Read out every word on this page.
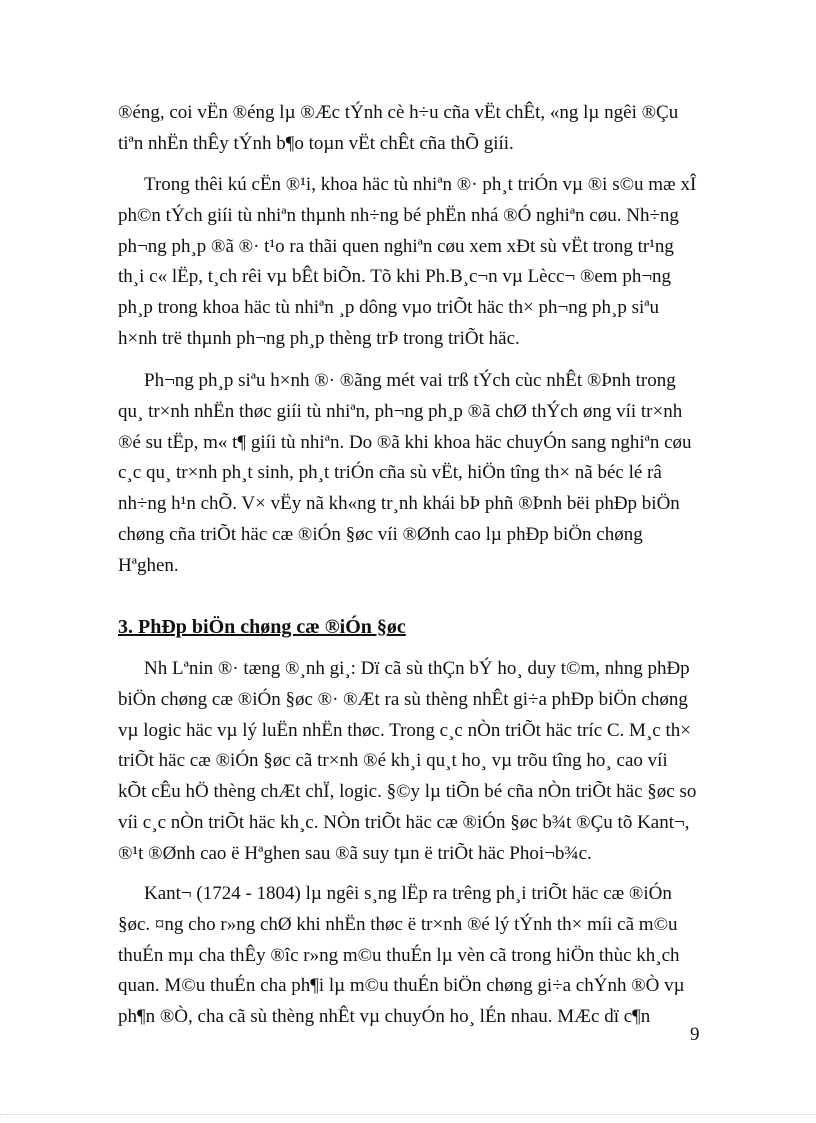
®éng, coi vËn ®éng lµ ®Æc tÝnh cè h÷u cña vËt chÊt, «ng lµ ngêi ®Çu
tiªn nhËn thÊy tÝnh b¶o toµn vËt chÊt cña thÕ giíi.

Trong thêi kú cËn ®¹i, khoa häc tù nhiªn ®· ph¸t triÓn vµ ®i s©u mæ xÎ
ph©n tÝch giíi tù nhiªn thµnh nh÷ng bé phËn nhá ®Ó nghiªn cøu. Nh÷ng
ph¬ng ph¸p ®ã ®· t¹o ra thãi quen nghiªn cøu xem xÐt sù vËt trong tr¹ng
th¸i c« lËp, t¸ch rêi vµ bÊt biÕn. Tõ khi Ph.B¸c¬n vµ Lècc¬ ®em ph¬ng
ph¸p trong khoa häc tù nhiªn ¸p dông vµo triÕt häc th× ph¬ng ph¸p siªu
h×nh trë thµnh ph¬ng ph¸p thèng trÞ trong triÕt häc.

Ph¬ng ph¸p siªu h×nh ®· ®ãng mét vai trß tÝch cùc nhÊt ®Þnh trong
qu¸ tr×nh nhËn thøc giíi tù nhiªn, ph¬ng ph¸p ®ã chØ thÝch øng víi tr×nh
®é su tËp, m« t¶ giíi tù nhiªn. Do ®ã khi khoa häc chuyÓn sang nghiªn cøu
c¸c qu¸ tr×nh ph¸t sinh, ph¸t triÓn cña sù vËt, hiÖn tîng th× nã béc lé râ
nh÷ng h¹n chÕ. V× vËy nã kh«ng tr¸nh khái bÞ phñ ®Þnh bëi phÐp biÖn
chøng cña triÕt häc cæ ®iÓn §øc víi ®Ønh cao lµ phÐp biÖn chøng
Hªghen.

3. PhÐp biÖn chøng cæ ®iÓn §øc

Nh Lªnin ®· tæng ®¸nh gi¸: Dï cã sù thÇn bÝ ho¸ duy t©m, nhng phÐp
biÖn chøng cæ ®iÓn §øc ®· ®Æt ra sù thèng nhÊt gi÷a phÐp biÖn chøng
vµ logic häc vµ lý luËn nhËn thøc. Trong c¸c nÒn triÕt häc tríc C. M¸c th×
triÕt häc cæ ®iÓn §øc cã tr×nh ®é kh¸i qu¸t ho¸ vµ trõu tîng ho¸ cao víi
kÕt cÊu hÖ thèng chÆt chÏ, logic. §©y lµ tiÕn bé cña nÒn triÕt häc §øc so
víi c¸c nÒn triÕt häc kh¸c. NÒn triÕt häc cæ ®iÓn §øc b¾t ®Çu tõ Kant¬,
®¹t ®Ønh cao ë Hªghen sau ®ã suy tµn ë triÕt häc Phoi¬b¾c.

Kant¬ (1724 - 1804) lµ ngêi s¸ng lËp ra trêng ph¸i triÕt häc cæ ®iÓn
§øc. ¤ng cho r»ng chØ khi nhËn thøc ë tr×nh ®é lý tÝnh th× míi cã m©u
thuÉn mµ cha thÊy ®îc r»ng m©u thuÉn lµ vèn cã trong hiÖn thùc kh¸ch
quan. M©u thuÉn cha ph¶i lµ m©u thuÉn biÖn chøng gi÷a chÝnh ®Ò vµ
ph¶n ®Ò, cha cã sù thèng nhÊt vµ chuyÓn ho¸ lÉn nhau. MÆc dï c¶n

9
